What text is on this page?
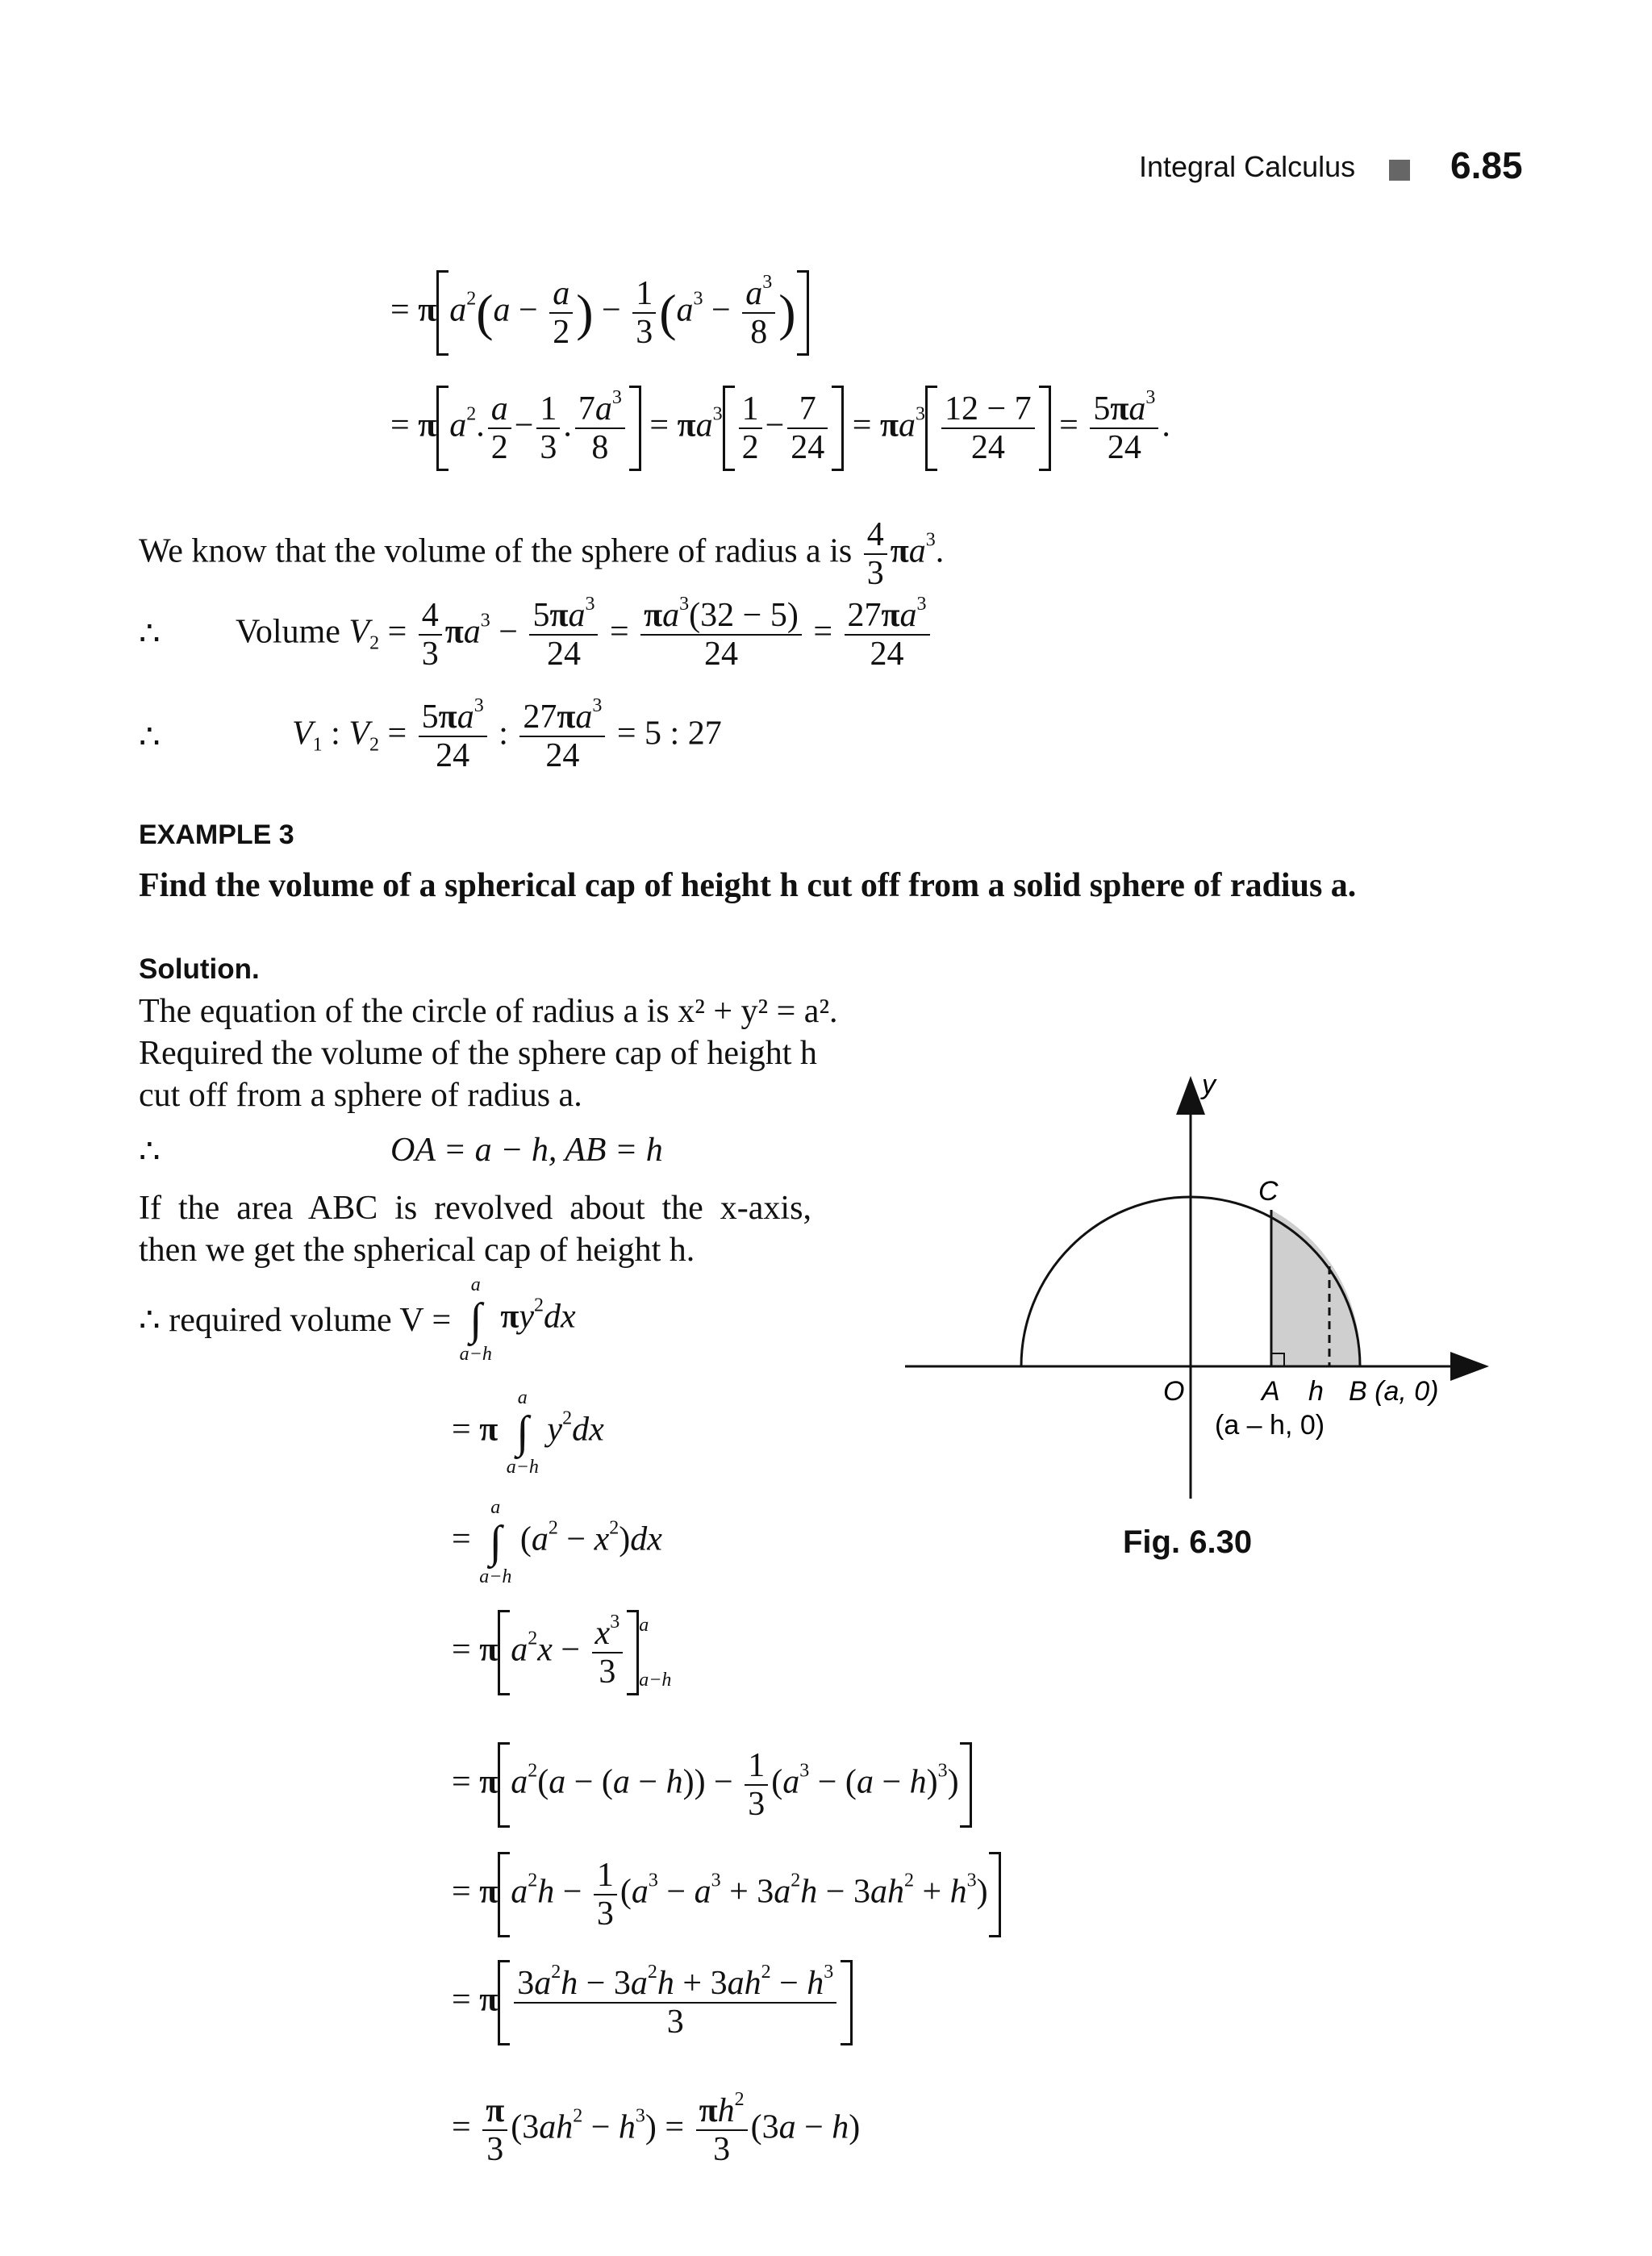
Integral Calculus	6.85
= π $a^2(a - \frac{a}{2}$ ) − $\frac{1}{3} (a^3 - \frac{a^3}{8}$ )
= π $a^2$. $\frac{a}{2} - \frac{1}{3}$ . $\frac{7a^3}{8} = \pi a^3 \frac{1}{2} - \frac{7}{24} = \pi a^3 \frac{12 - 7}{24} = \frac{5\pi a^3}{24}$ .
We know that the volume of the sphere of radius a is $\frac{4}{3} \pi a^3$.
∴ Volume $V_2 = \frac{4}{3} \pi a^3 - \frac{5\pi a^3}{24} = \frac{\pi a^3(32 - 5)}{24} = \frac{27\pi a^3}{24}$
∴	$V_1$ : $V_2 = \frac{5\pi a^3}{24}$ : $\frac{27\pi a^3}{24} = 5$ : 27
EXAMPLE 3
Find the volume of a spherical cap of height h cut off from a solid sphere of radius a.
Solution.
The equation of the circle of radius a is x² + y² = a².
Required the volume of the sphere cap of height h
cut off from a sphere of radius a.
∴	OA = a − h, AB = h
If  the  area  ABC  is  revolved  about  the  x-axis,
then we get the spherical cap of height h.
∴ required volume V =
a
∫
a−h
$\pi y^2dx$
= π
a
∫
a−h
$y^2dx$
=
a
∫
a−h
$(a^2 - x^2)dx$
= π $a^2x - \frac{x^3}{3}$ a
a−h
= π $a^2(a - (a - h)) - \frac{1}{3} (a^3 - (a - h)^3)$
= π $a^2h - \frac{1}{3} (a^3 - a^3 + 3a^2h - 3ah^2 + h^3)$
= π $\frac{3a^2h - 3a^2h + 3ah^2 - h^3}{3}$
= $\frac{\pi}{3} (3ah^2 - h^3) = \frac{\pi h^2}{3} (3a - h)$
y
C
O	A h B (a, 0)
(a – h, 0)
Fig. 6.30
